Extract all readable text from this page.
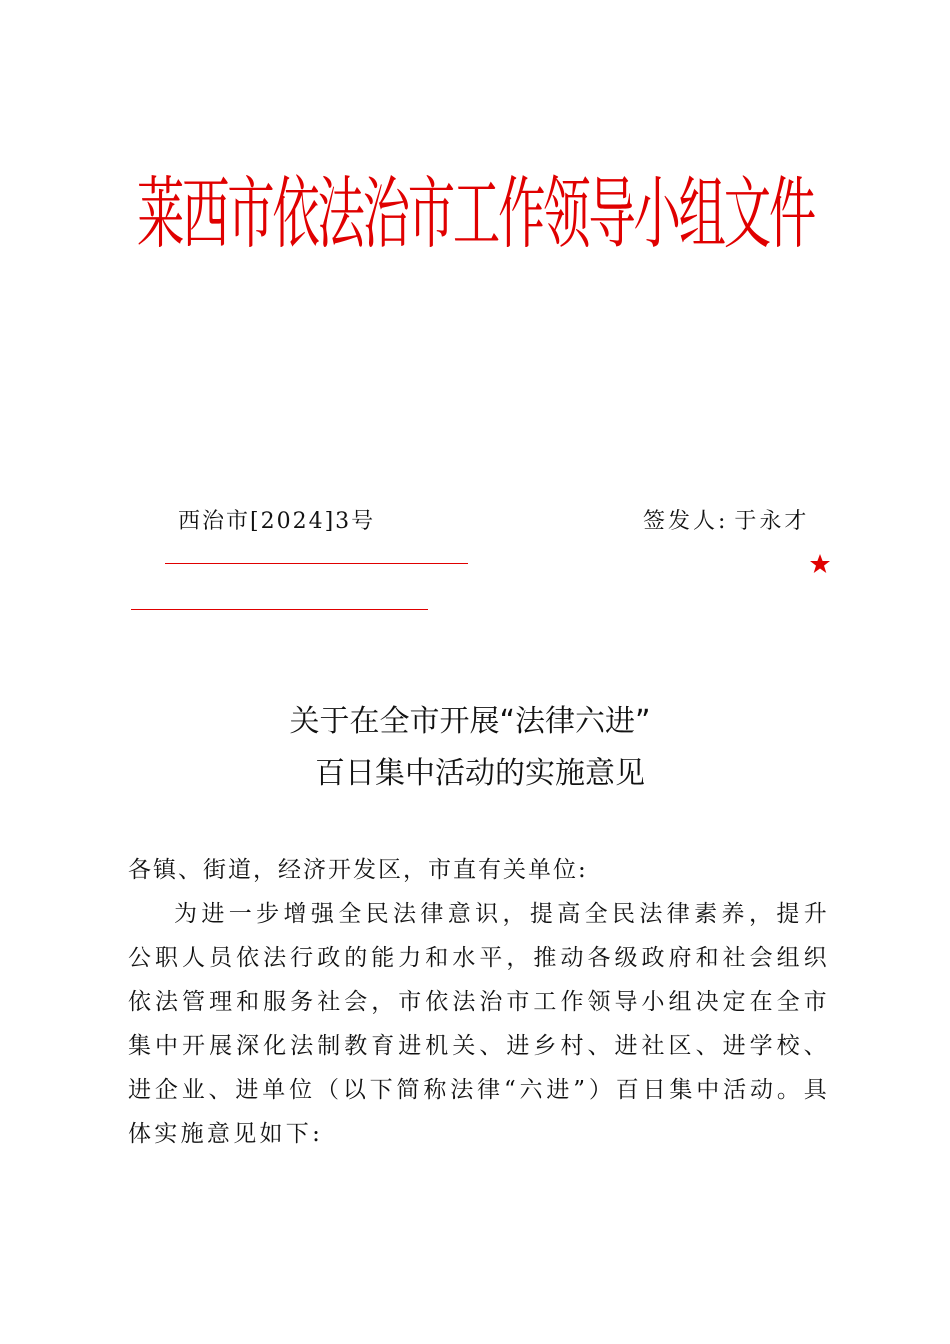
莱西市依法治市工作领导小组文件
西治市[2024]3号	签发人: 于永才
关于在全市开展“法律六进”
百日集中活动的实施意见
各镇、街道，经济开发区，市直有关单位:

为进一步增强全民法律意识，提高全民法律素养，提升公职人员依法行政的能力和水平，推动各级政府和社会组织依法管理和服务社会，市依法治市工作领导小组决定在全市集中开展深化法制教育进机关、进乡村、进社区、进学校、进企业、进单位（以下简称法律“六进”）百日集中活动。具体实施意见如下:
